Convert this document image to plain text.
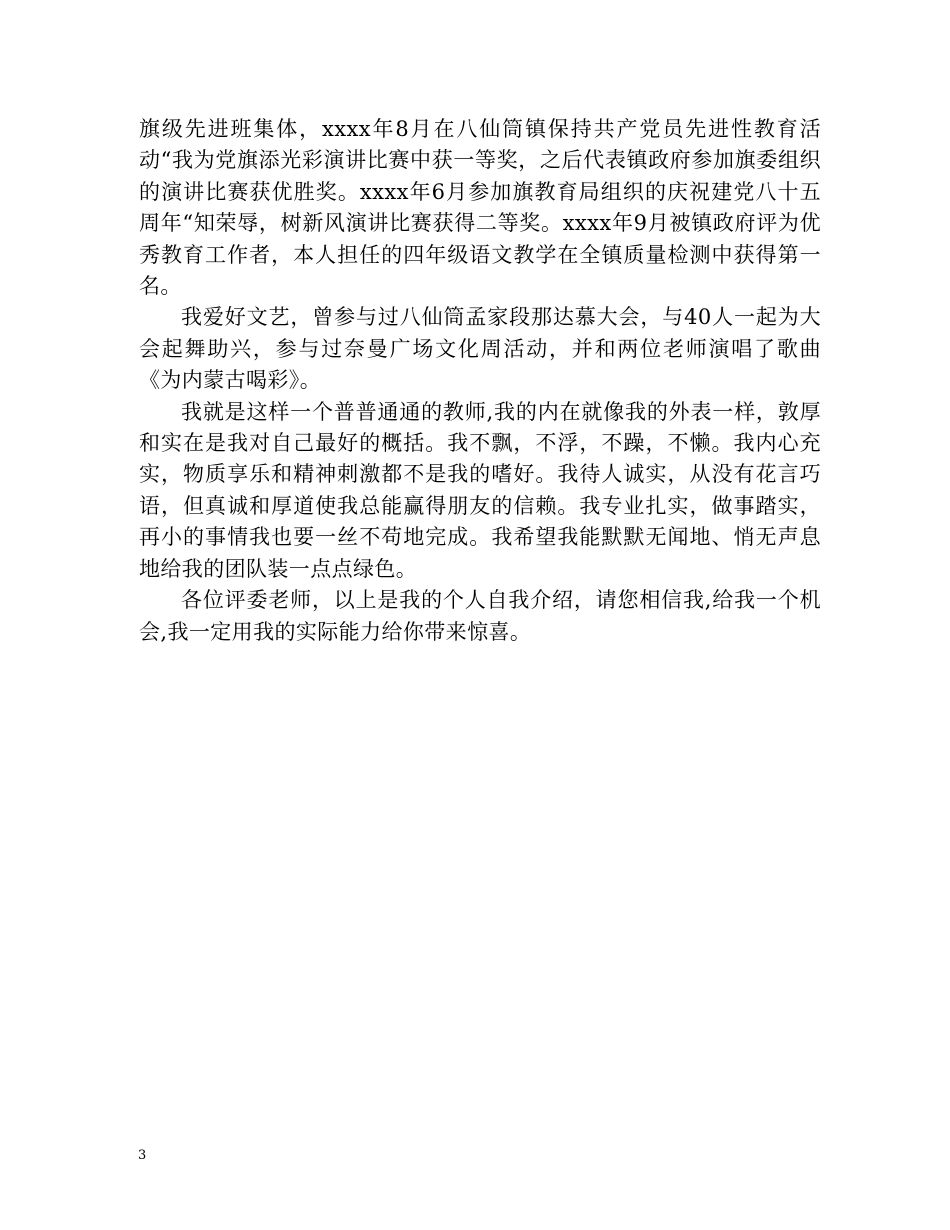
旗级先进班集体，xxxx年8月在八仙筒镇保持共产党员先进性教育活动“我为党旗添光彩演讲比赛中获一等奖，之后代表镇政府参加旗委组织的演讲比赛获优胜奖。xxxx年6月参加旗教育局组织的庆祝建党八十五周年“知荣辱，树新风演讲比赛获得二等奖。xxxx年9月被镇政府评为优秀教育工作者，本人担任的四年级语文教学在全镇质量检测中获得第一名。

我爱好文艺，曾参与过八仙筒孟家段那达慕大会，与40人一起为大会起舞助兴，参与过奈曼广场文化周活动，并和两位老师演唱了歌曲《为内蒙古喝彩》。

我就是这样一个普普通通的教师,我的内在就像我的外表一样，敦厚和实在是我对自己最好的概括。我不飘，不浮，不躁，不懒。我内心充实，物质享乐和精神刺激都不是我的嗜好。我待人诚实，从没有花言巧语，但真诚和厚道使我总能赢得朋友的信赖。我专业扎实，做事踏实，再小的事情我也要一丝不苟地完成。我希望我能默默无闻地、悄无声息地给我的团队装一点点绿色。

各位评委老师，以上是我的个人自我介绍，请您相信我,给我一个机会,我一定用我的实际能力给你带来惊喜。

3
